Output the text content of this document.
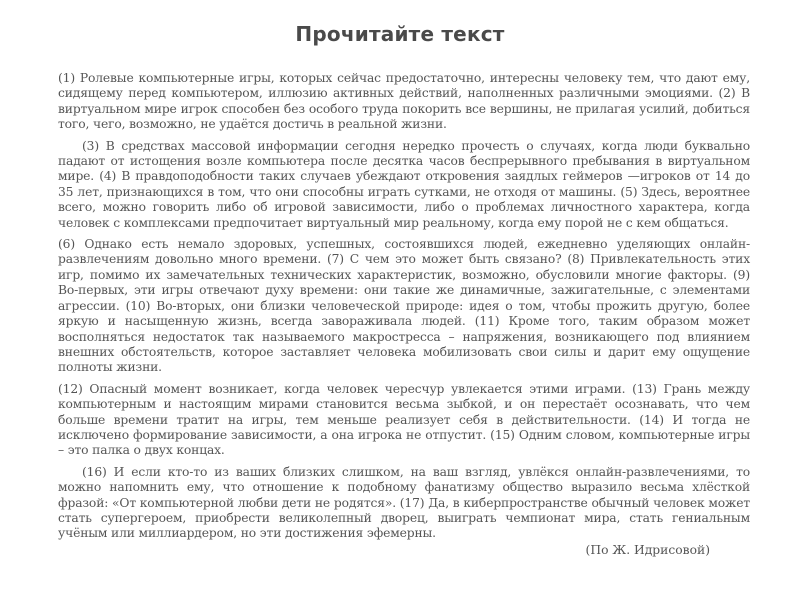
Прочитайте текст

(1) Ролевые компьютерные игры, которых сейчас предостаточно, интересны человеку тем, что дают ему, сидящему перед компьютером, иллюзию активных действий, наполненных различными эмоциями. (2) В виртуальном мире игрок способен без особого труда покорить все вершины, не прилагая усилий, добиться того, чего, возможно, не удаётся достичь в реальной жизни.

(3) В средствах массовой информации сегодня нередко прочесть о случаях, когда люди буквально падают от истощения возле компьютера после десятка часов беспрерывного пребывания в виртуальном мире. (4) В правдоподобности таких случаев убеждают откровения заядлых геймеров —игроков от 14 до 35 лет, признающихся в том, что они способны играть сутками, не отходя от машины. (5) Здесь, вероятнее всего, можно говорить либо об игровой зависимости, либо о проблемах личностного характера, когда человек с комплексами предпочитает виртуальный мир реальному, когда ему порой не с кем общаться.

(6) Однако есть немало здоровых, успешных, состоявшихся людей, ежедневно уделяющих онлайн-развлечениям довольно много времени. (7) С чем это может быть связано? (8) Привлекательность этих игр, помимо их замечательных технических характеристик, возможно, обусловили многие факторы. (9) Во-первых, эти игры отвечают духу времени: они такие же динамичные, зажигательные, с элементами агрессии. (10) Во-вторых, они близки человеческой природе: идея о том, чтобы прожить другую, более яркую и насыщенную жизнь, всегда завораживала людей. (11) Кроме того, таким образом может восполняться недостаток так называемого макростресса – напряжения, возникающего под влиянием внешних обстоятельств, которое заставляет человека мобилизовать свои силы и дарит ему ощущение полноты жизни.

(12) Опасный момент возникает, когда человек чересчур увлекается этими играми. (13) Грань между компьютерным и настоящим мирами становится весьма зыбкой, и он перестаёт осознавать, что чем больше времени тратит на игры, тем меньше реализует себя в действительности. (14) И тогда не исключено формирование зависимости, а она игрока не отпустит. (15) Одним словом, компьютерные игры – это палка о двух концах.

(16) И если кто-то из ваших близких слишком, на ваш взгляд, увлёкся онлайн-развлечениями, то можно напомнить ему, что отношение к подобному фанатизму общество выразило весьма хлёсткой фразой: «От компьютерной любви дети не родятся». (17) Да, в киберпространстве обычный человек может стать супергероем, приобрести великолепный дворец, выиграть чемпионат мира, стать гениальным учёным или миллиардером, но эти достижения эфемерны.

(По Ж. Идрисовой)
